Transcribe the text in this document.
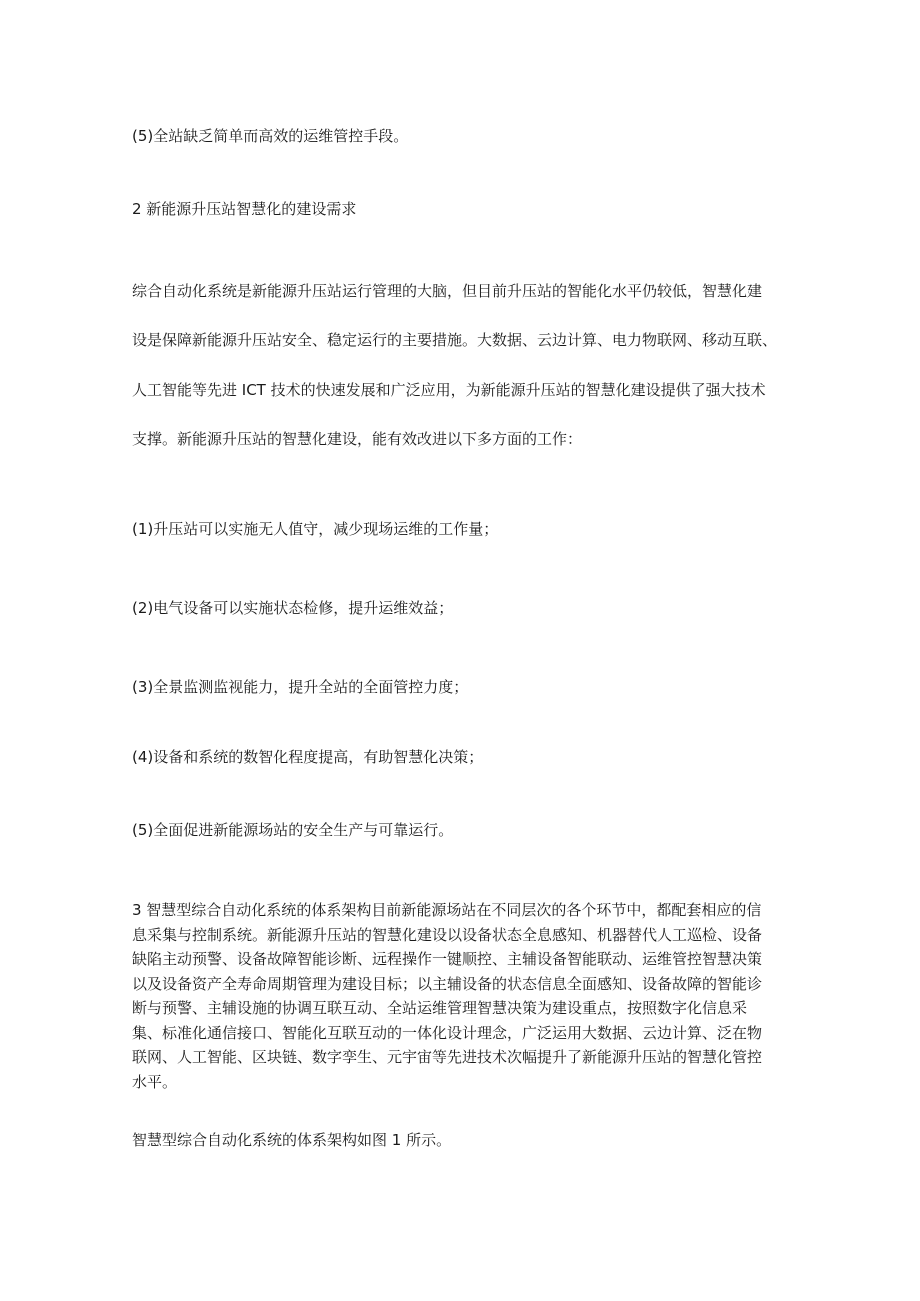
(5)全站缺乏简单而高效的运维管控手段。
2 新能源升压站智慧化的建设需求
综合自动化系统是新能源升压站运行管理的大脑，但目前升压站的智能化水平仍较低，智慧化建
设是保障新能源升压站安全、稳定运行的主要措施。大数据、云边计算、电力物联网、移动互联、
人工智能等先进 ICT 技术的快速发展和广泛应用，为新能源升压站的智慧化建设提供了强大技术
支撑。新能源升压站的智慧化建设，能有效改进以下多方面的工作：
(1)升压站可以实施无人值守，减少现场运维的工作量；
(2)电气设备可以实施状态检修，提升运维效益；
(3)全景监测监视能力，提升全站的全面管控力度；
(4)设备和系统的数智化程度提高，有助智慧化决策；
(5)全面促进新能源场站的安全生产与可靠运行。
3 智慧型综合自动化系统的体系架构目前新能源场站在不同层次的各个环节中，都配套相应的信
息采集与控制系统。新能源升压站的智慧化建设以设备状态全息感知、机器替代人工巡检、设备
缺陷主动预警、设备故障智能诊断、远程操作一键顺控、主辅设备智能联动、运维管控智慧决策
以及设备资产全寿命周期管理为建设目标；以主辅设备的状态信息全面感知、设备故障的智能诊
断与预警、主辅设施的协调互联互动、全站运维管理智慧决策为建设重点，按照数字化信息采
集、标准化通信接口、智能化互联互动的一体化设计理念，广泛运用大数据、云边计算、泛在物
联网、人工智能、区块链、数字孪生、元宇宙等先进技术次幅提升了新能源升压站的智慧化管控
水平。
智慧型综合自动化系统的体系架构如图 1 所示。
